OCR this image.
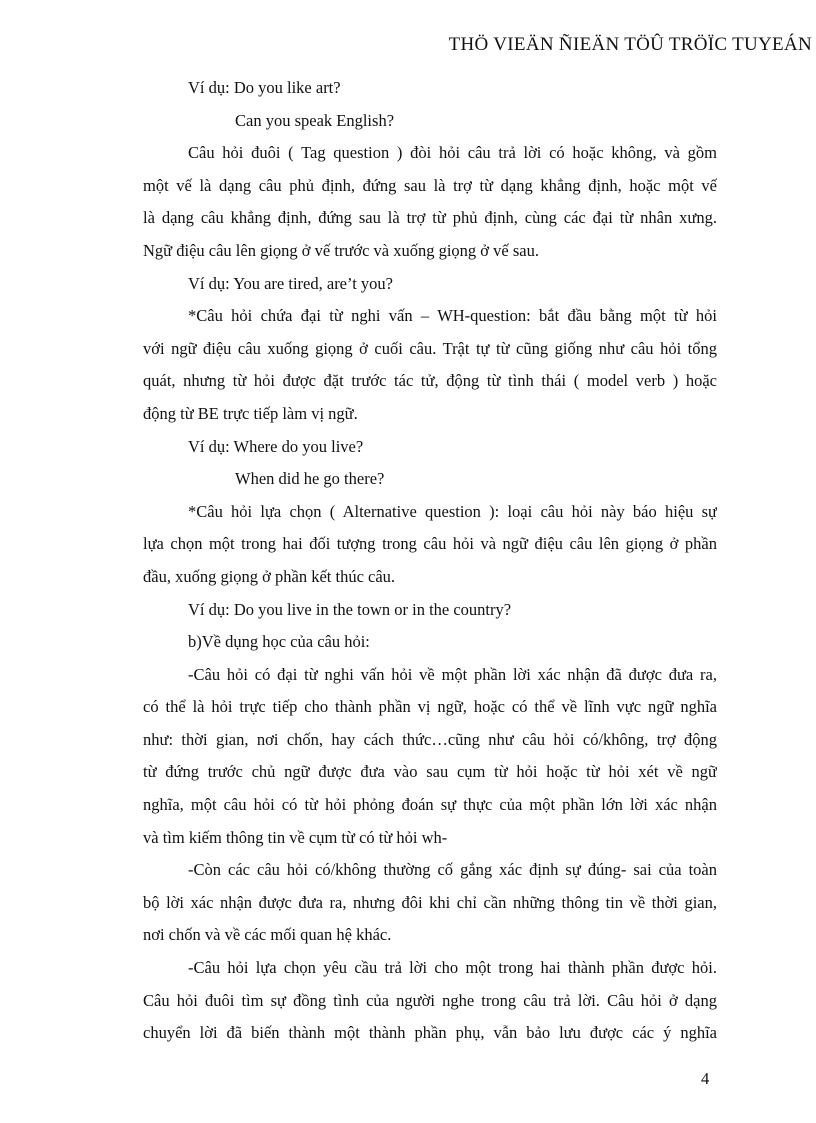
THÖ VIEÄN ÑIEÄN TÖÛ TRÖÏC TUYEÁN
Ví dụ: Do you like art?
Can you speak English?
Câu hỏi đuôi ( Tag question ) đòi hỏi câu trả lời có hoặc không, và gồm
một vế là dạng câu phủ định, đứng sau là trợ từ dạng khẳng định, hoặc một vế
là dạng câu khẳng định, đứng sau là trợ từ phủ định, cùng các đại từ nhân xưng.
Ngữ điệu câu lên giọng ở vế trước và xuống giọng ở vế sau.
Ví dụ: You are tired, are’t you?
*Câu hỏi chứa đại từ nghi vấn – WH-question: bắt đầu bằng một từ hỏi
với ngữ điệu câu xuống giọng ở cuối câu. Trật tự từ cũng giống như câu hỏi tổng
quát, nhưng từ hỏi được đặt trước tác tử, động từ tình thái ( model verb ) hoặc
động từ BE trực tiếp làm vị ngữ.
Ví dụ: Where do you live?
When did he go there?
*Câu hỏi lựa chọn ( Alternative question ): loại câu hỏi này báo hiệu sự
lựa chọn một trong hai đối tượng trong câu hỏi và ngữ điệu câu lên giọng ở phần
đầu, xuống giọng ở phần kết thúc câu.
Ví dụ: Do you live in the town or in the country?
b)Về dụng học của câu hỏi:
-Câu hỏi có đại từ nghi vấn hỏi về một phần lời xác nhận đã được đưa ra,
có thể là hỏi trực tiếp cho thành phần vị ngữ, hoặc có thể về lĩnh vực ngữ nghĩa
như: thời gian, nơi chốn, hay cách thức…cũng như câu hỏi có/không, trợ động
từ đứng trước chủ ngữ được đưa vào sau cụm từ hỏi hoặc từ hỏi xét về ngữ
nghĩa, một câu hỏi có từ hỏi phỏng đoán sự thực của một phần lớn lời xác nhận
và tìm kiếm thông tin về cụm từ có từ hỏi wh-
-Còn các câu hỏi có/không thường cố gắng xác định sự đúng- sai của toàn
bộ lời xác nhận được đưa ra, nhưng đôi khi chỉ cần những thông tin về thời gian,
nơi chốn và về các mối quan hệ khác.
-Câu hỏi lựa chọn yêu cầu trả lời cho một trong hai thành phần được hỏi.
Câu hỏi đuôi tìm sự đồng tình của người nghe trong câu trả lời. Câu hỏi ở dạng
chuyển lời đã biến thành một thành phần phụ, vẫn bảo lưu được các ý nghĩa
4
